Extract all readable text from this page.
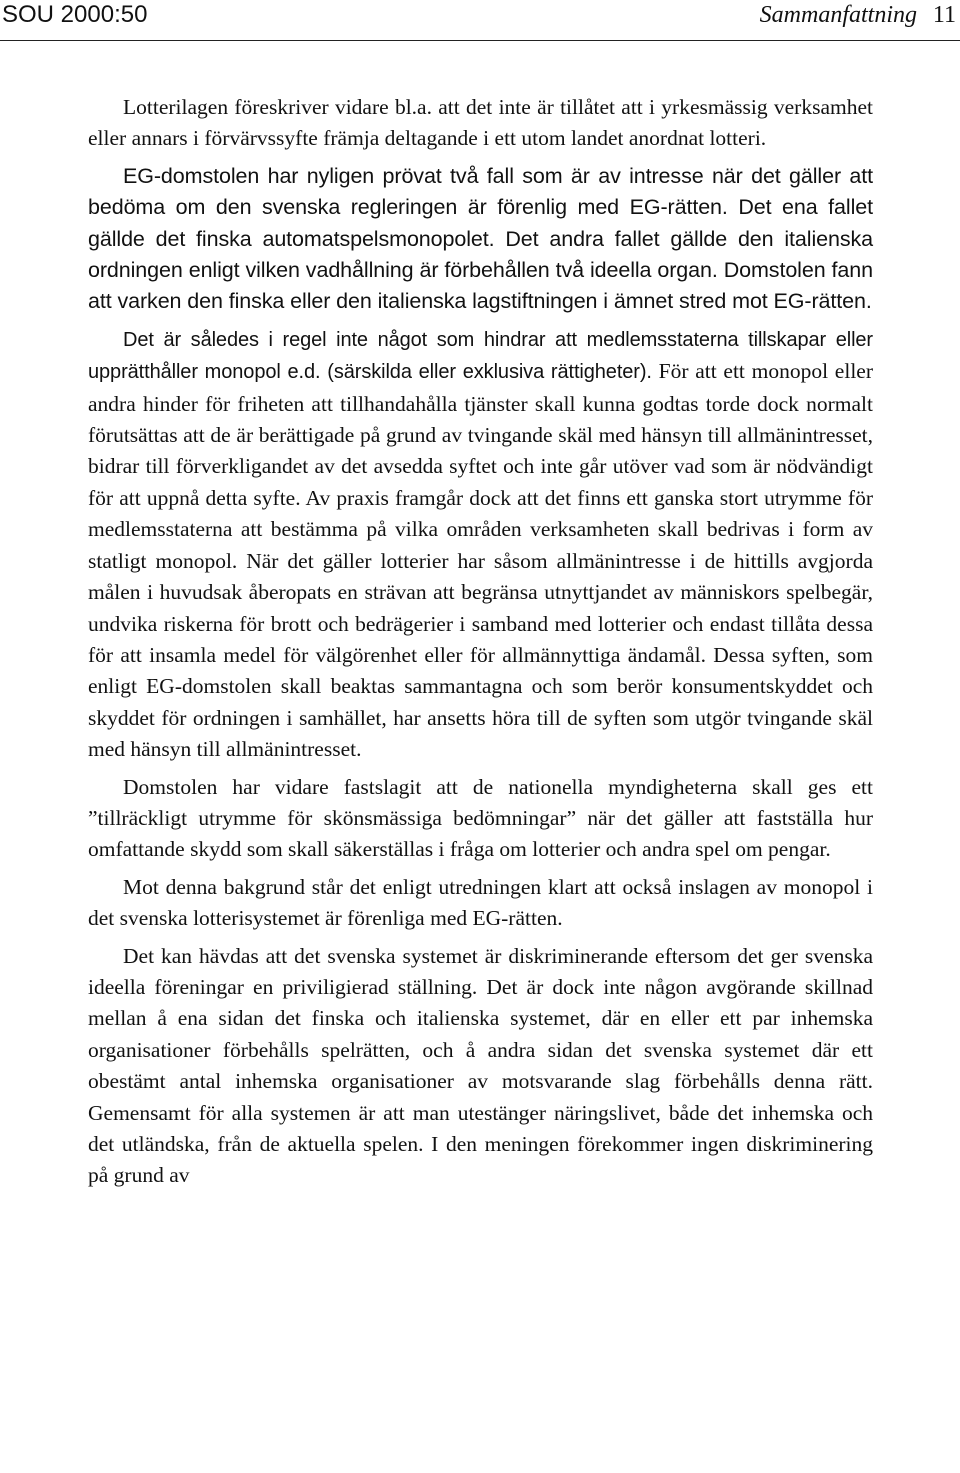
SOU 2000:50	Sammanfattning 11

Lotterilagen föreskriver vidare bl.a. att det inte är tillåtet att i yrkesmässig verksamhet eller annars i förvärvssyfte främja deltagande i ett utom landet anordnat lotteri.

EG-domstolen har nyligen prövat två fall som är av intresse när det gäller att bedöma om den svenska regleringen är förenlig med EG-rätten. Det ena fallet gällde det finska automatspelsmonopolet. Det andra fallet gällde den italienska ordningen enligt vilken vadhållning är förbehållen två ideella organ. Domstolen fann att varken den finska eller den italienska lagstiftningen i ämnet stred mot EG-rätten.

Det är således i regel inte något som hindrar att medlemsstaterna tillskapar eller upprätthåller monopol e.d. (särskilda eller exklusiva rättigheter). För att ett monopol eller andra hinder för friheten att tillhandahålla tjänster skall kunna godtas torde dock normalt förutsättas att de är berättigade på grund av tvingande skäl med hänsyn till allmänintresset, bidrar till förverkligandet av det avsedda syftet och inte går utöver vad som är nödvändigt för att uppnå detta syfte. Av praxis framgår dock att det finns ett ganska stort utrymme för medlemsstaterna att bestämma på vilka områden verksamheten skall bedrivas i form av statligt monopol. När det gäller lotterier har såsom allmänintresse i de hittills avgjorda målen i huvudsak åberopats en strävan att begränsa utnyttjandet av människors spelbegär, undvika riskerna för brott och bedrägerier i samband med lotterier och endast tillåta dessa för att insamla medel för välgörenhet eller för allmännyttiga ändamål. Dessa syften, som enligt EG-domstolen skall beaktas sammantagna och som berör konsumentskyddet och skyddet för ordningen i samhället, har ansetts höra till de syften som utgör tvingande skäl med hänsyn till allmänintresset.

Domstolen har vidare fastslagit att de nationella myndigheterna skall ges ett ”tillräckligt utrymme för skönsmässiga bedömningar” när det gäller att fastställa hur omfattande skydd som skall säkerställas i fråga om lotterier och andra spel om pengar.

Mot denna bakgrund står det enligt utredningen klart att också inslagen av monopol i det svenska lotterisystemet är förenliga med EG-rätten.

Det kan hävdas att det svenska systemet är diskriminerande eftersom det ger svenska ideella föreningar en priviligierad ställning. Det är dock inte någon avgörande skillnad mellan å ena sidan det finska och italienska systemet, där en eller ett par inhemska organisationer förbehålls spelrätten, och å andra sidan det svenska systemet där ett obestämt antal inhemska organisationer av motsvarande slag förbehålls denna rätt. Gemensamt för alla systemen är att man utestänger näringslivet, både det inhemska och det utländska, från de aktuella spelen. I den meningen förekommer ingen diskriminering på grund av
